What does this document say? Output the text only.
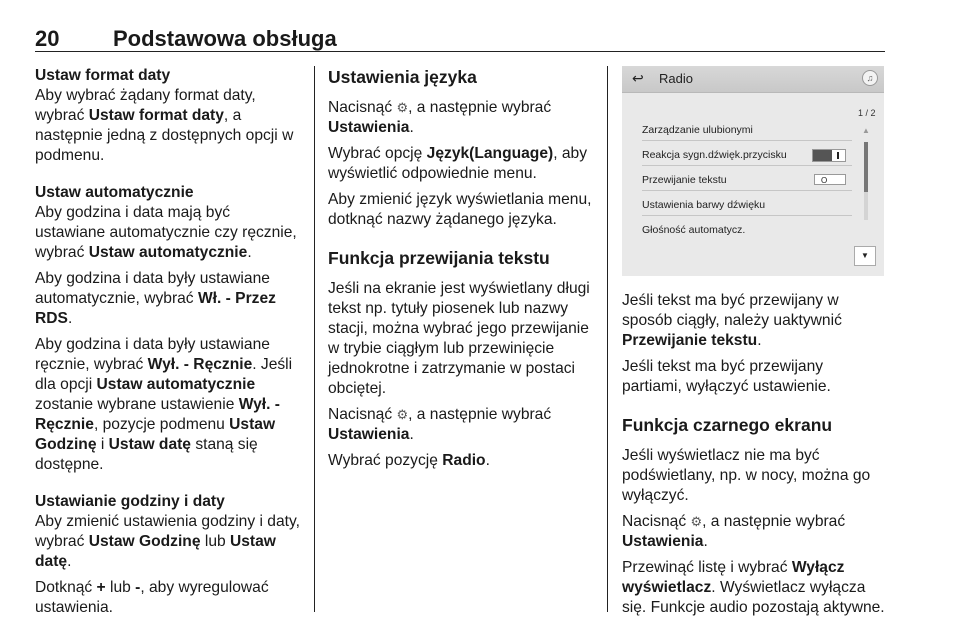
20 Podstawowa obsługa

Ustaw format daty
Aby wybrać żądany format daty, wybrać Ustaw format daty, a następnie jedną z dostępnych opcji w podmenu.

Ustaw automatycznie
Aby godzina i data mają być ustawiane automatycznie czy ręcznie, wybrać Ustaw automatycznie.

Aby godzina i data były ustawiane automatycznie, wybrać Wł. - Przez RDS.

Aby godzina i data były ustawiane ręcznie, wybrać Wył. - Ręcznie. Jeśli dla opcji Ustaw automatycznie zostanie wybrane ustawienie Wył. - Ręcznie, pozycje podmenu Ustaw Godzinę i Ustaw datę staną się dostępne.

Ustawianie godziny i daty
Aby zmienić ustawienia godziny i daty, wybrać Ustaw Godzinę lub Ustaw datę.

Dotknąć + lub -, aby wyregulować ustawienia.

Ustawienia języka

Nacisnąć ⚙, a następnie wybrać Ustawienia.

Wybrać opcję Język(Language), aby wyświetlić odpowiednie menu.

Aby zmienić język wyświetlania menu, dotknąć nazwy żądanego języka.

Funkcja przewijania tekstu

Jeśli na ekranie jest wyświetlany długi tekst np. tytuły piosenek lub nazwy stacji, można wybrać jego przewijanie w trybie ciągłym lub przewinięcie jednokrotne i zatrzymanie w postaci obciętej.

Nacisnąć ⚙, a następnie wybrać Ustawienia.

Wybrać pozycję Radio.

↩ Radio	♫
Zarządzanie ulubionymi
Reakcja sygn.dźwięk.przycisku
Przewijanie tekstu	O
Ustawienia barwy dźwięku
Głośność automatycz.
1 / 2
▲
▼

Jeśli tekst ma być przewijany w sposób ciągły, należy uaktywnić Przewijanie tekstu.

Jeśli tekst ma być przewijany partiami, wyłączyć ustawienie.

Funkcja czarnego ekranu

Jeśli wyświetlacz nie ma być podświetlany, np. w nocy, można go wyłączyć.

Nacisnąć ⚙, a następnie wybrać Ustawienia.

Przewinąć listę i wybrać Wyłącz wyświetlacz. Wyświetlacz wyłącza się. Funkcje audio pozostają aktywne.
